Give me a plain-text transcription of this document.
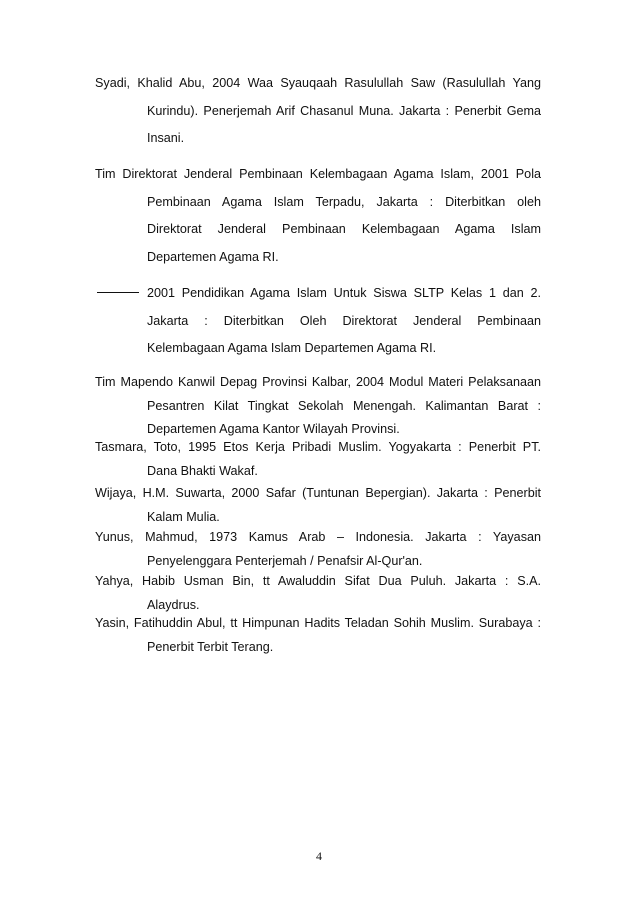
Syadi, Khalid Abu, 2004 Waa Syauqaah Rasulullah Saw (Rasulullah Yang
Kurindu). Penerjemah Arif Chasanul Muna. Jakarta : Penerbit Gema
Insani.
Tim Direktorat Jenderal Pembinaan Kelembagaan Agama Islam, 2001 Pola
Pembinaan Agama Islam Terpadu, Jakarta : Diterbitkan oleh
Direktorat Jenderal Pembinaan Kelembagaan Agama Islam
Departemen Agama RI.
2001 Pendidikan Agama Islam Untuk Siswa SLTP Kelas 1 dan 2.
Jakarta : Diterbitkan Oleh Direktorat Jenderal Pembinaan
Kelembagaan Agama Islam Departemen Agama RI.
Tim Mapendo Kanwil Depag Provinsi Kalbar, 2004 Modul Materi Pelaksanaan
Pesantren Kilat Tingkat Sekolah Menengah. Kalimantan Barat :
Departemen Agama Kantor Wilayah Provinsi.
Tasmara, Toto, 1995 Etos Kerja Pribadi Muslim. Yogyakarta : Penerbit PT.
Dana Bhakti Wakaf.
Wijaya, H.M. Suwarta, 2000 Safar (Tuntunan Bepergian). Jakarta : Penerbit
Kalam Mulia.
Yunus, Mahmud, 1973 Kamus Arab – Indonesia. Jakarta : Yayasan
Penyelenggara Penterjemah / Penafsir Al-Qur'an.
Yahya, Habib Usman Bin, tt Awaluddin Sifat Dua Puluh. Jakarta : S.A.
Alaydrus.
Yasin, Fatihuddin Abul, tt Himpunan Hadits Teladan Sohih Muslim. Surabaya :
Penerbit Terbit Terang.
4
